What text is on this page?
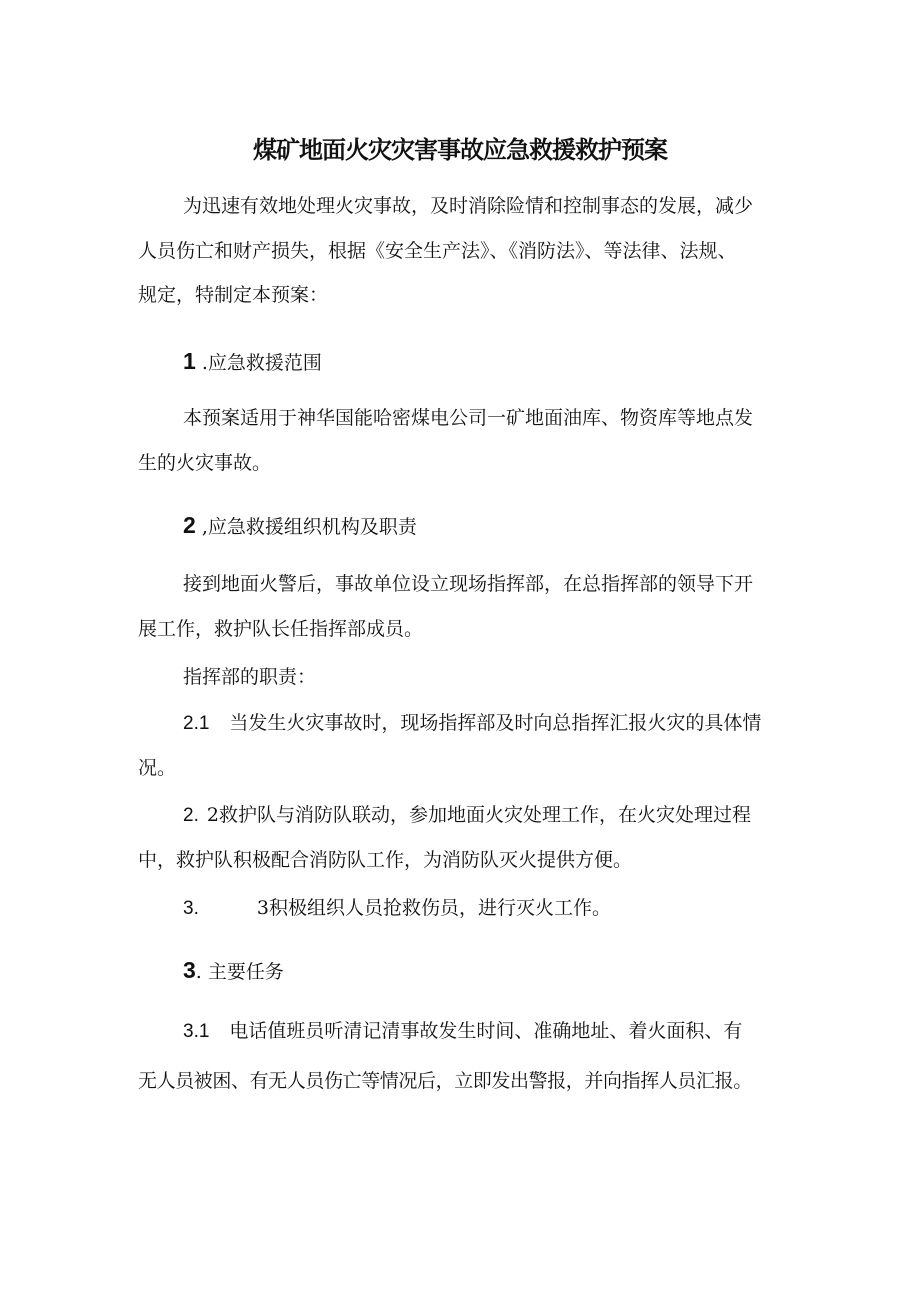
煤矿地面火灾灾害事故应急救援救护预案
为迅速有效地处理火灾事故，及时消除险情和控制事态的发展，减少
人员伤亡和财产损失，根据《安全生产法》、《消防法》、等法律、法规、
规定，特制定本预案：
1 .应急救援范围
本预案适用于神华国能哈密煤电公司一矿地面油库、物资库等地点发
生的火灾事故。
2 ,应急救援组织机构及职责
接到地面火警后，事故单位设立现场指挥部，在总指挥部的领导下开
展工作，救护队长任指挥部成员。
指挥部的职责：
2.1 当发生火灾事故时，现场指挥部及时向总指挥汇报火灾的具体情
况。
2. 2救护队与消防队联动，参加地面火灾处理工作，在火灾处理过程
中，救护队积极配合消防队工作，为消防队灭火提供方便。
3.	3积极组织人员抢救伤员，进行灭火工作。
3. 主要任务
3.1 电话值班员听清记清事故发生时间、准确地址、着火面积、有
无人员被困、有无人员伤亡等情况后，立即发出警报，并向指挥人员汇报。
